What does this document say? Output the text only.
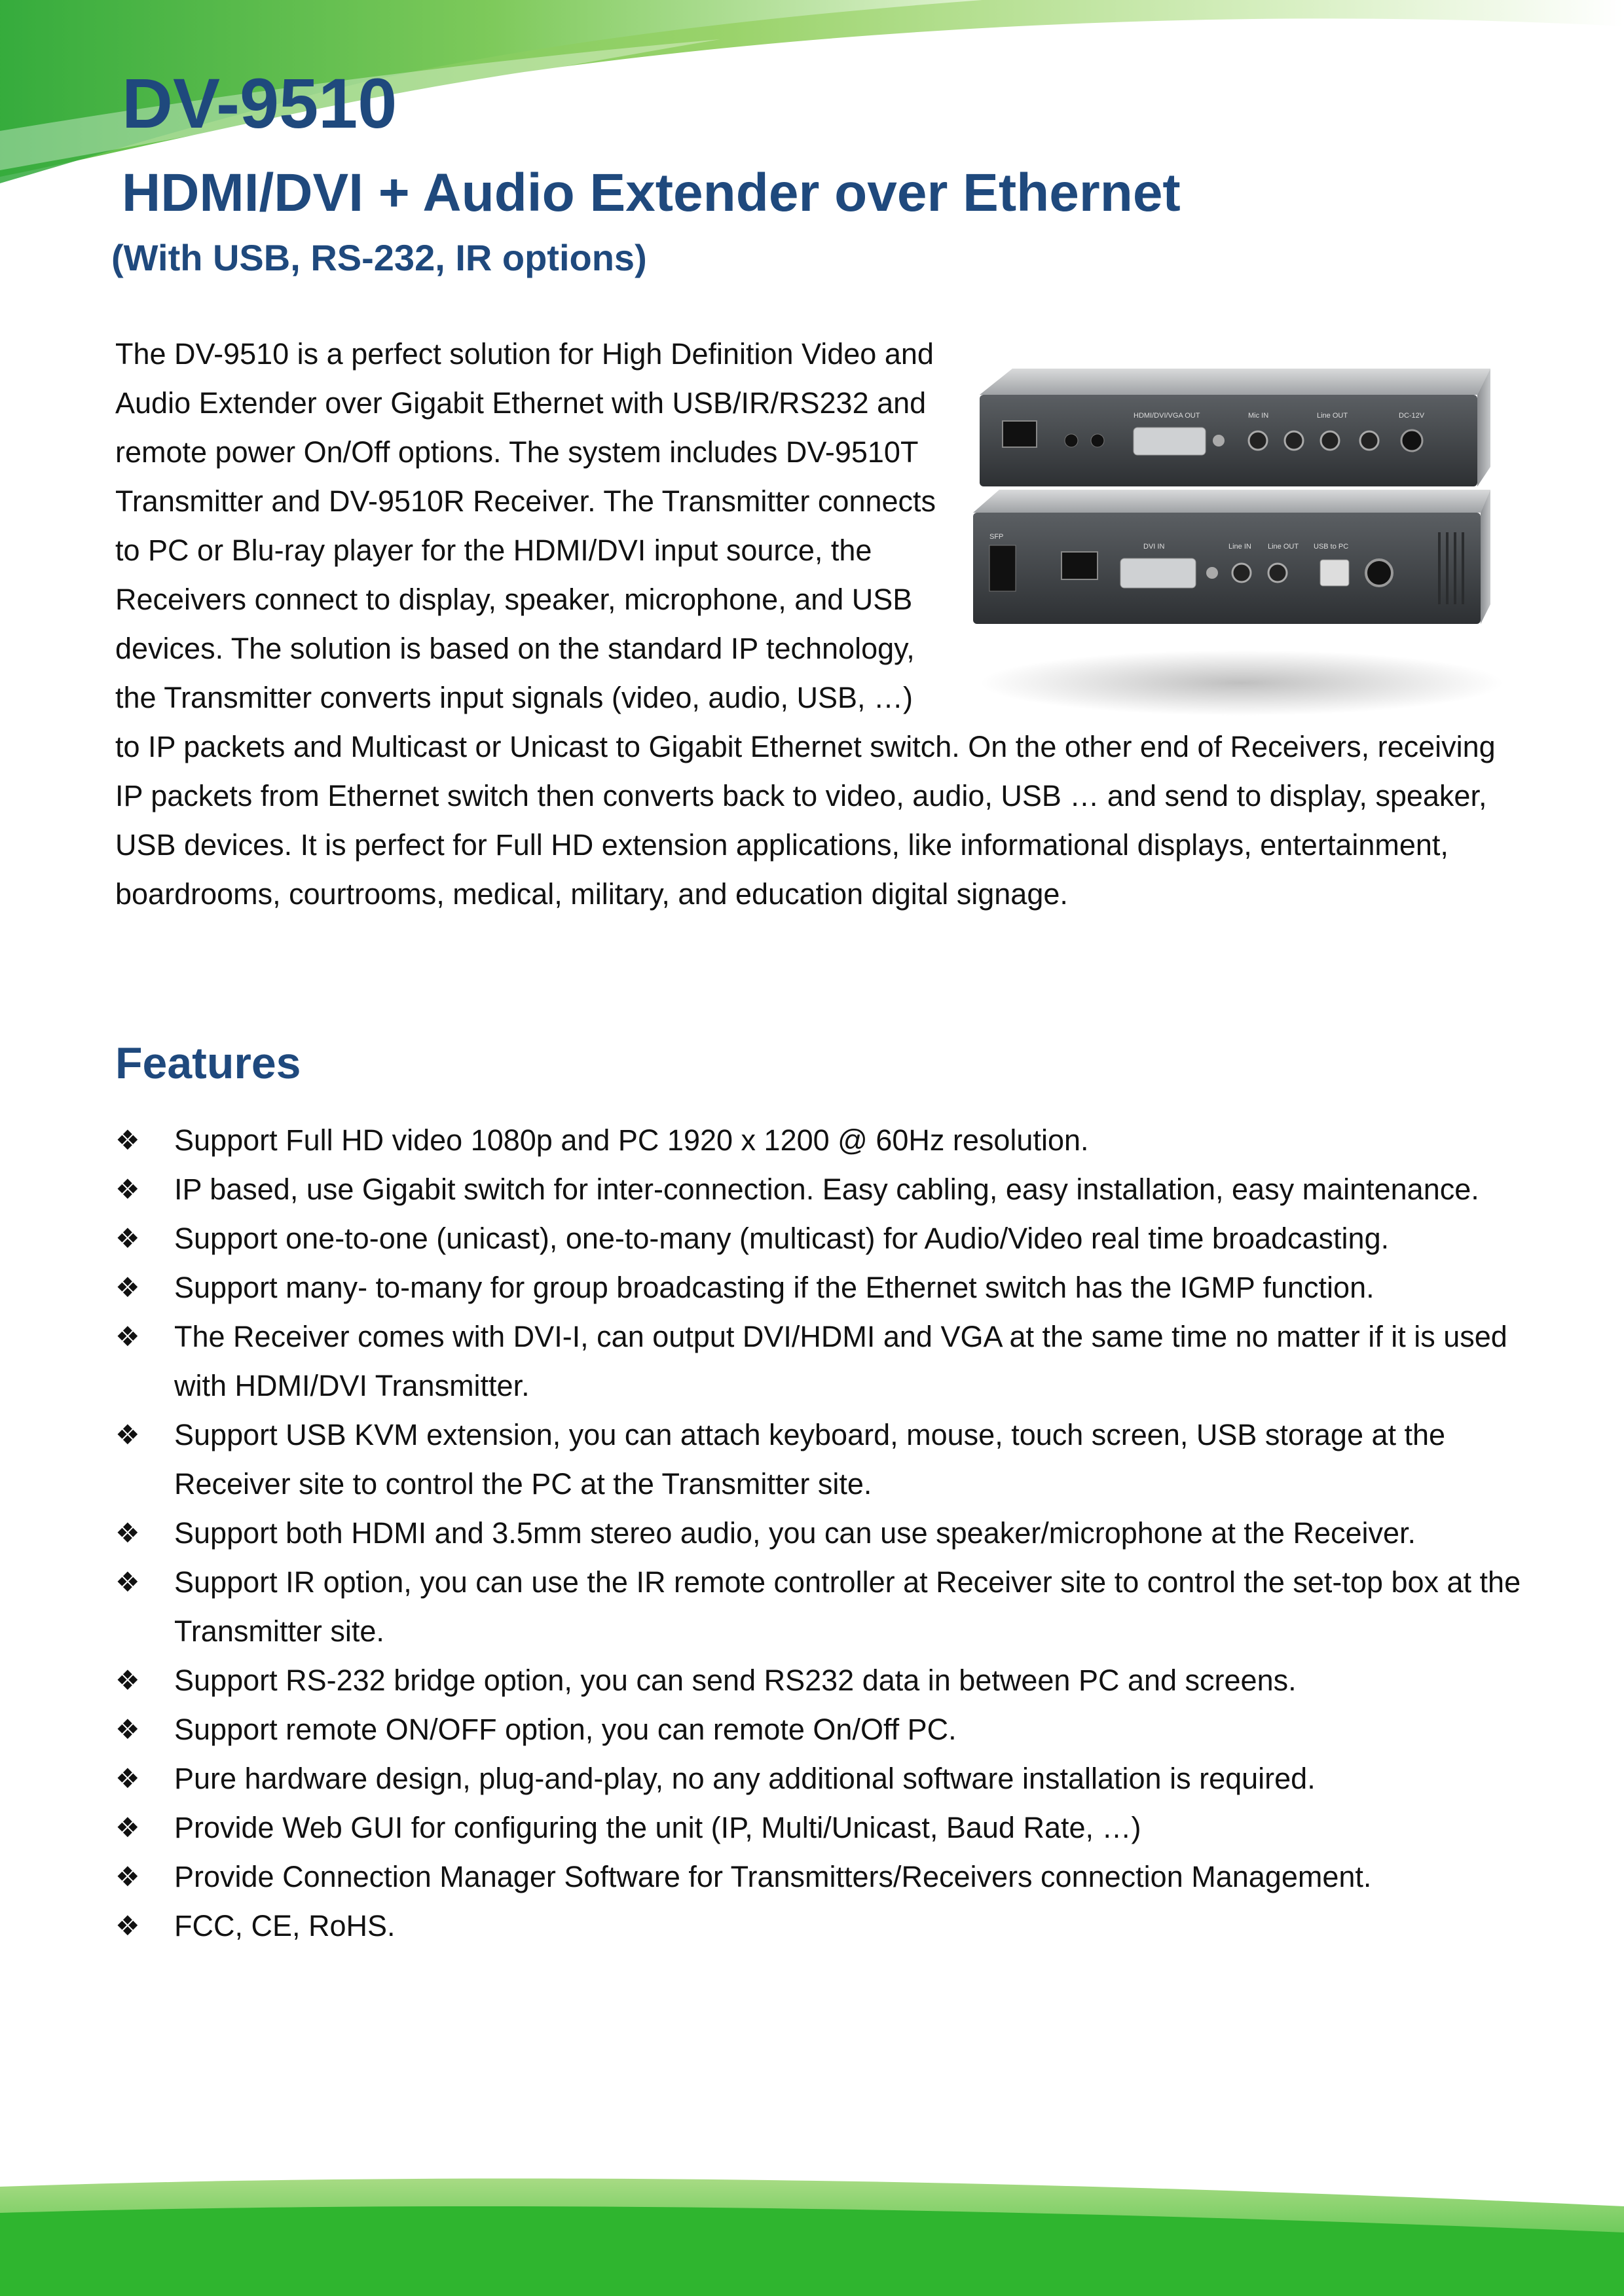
DV-9510
HDMI/DVI + Audio Extender over Ethernet
(With USB, RS-232, IR options)
HDMI/DVI/VGA OUT	Mic IN	Line OUT	DC-12V
SFP
DVI IN	Line IN Line OUT USB to PC
The DV-9510 is a perfect solution for High Definition Video and Audio Extender over Gigabit Ethernet with USB/IR/RS232 and remote power On/Off options. The system includes DV-9510T Transmitter and DV-9510R Receiver. The Transmitter connects to PC or Blu-ray player for the HDMI/DVI input source, the Receivers connect to display, speaker, microphone, and USB devices. The solution is based on the standard IP technology, the Transmitter converts input signals (video, audio, USB, …) to IP packets and Multicast or Unicast to Gigabit Ethernet switch. On the other end of Receivers, receiving IP packets from Ethernet switch then converts back to video, audio, USB … and send to display, speaker, USB devices. It is perfect for Full HD extension applications, like informational displays, entertainment, boardrooms, courtrooms, medical, military, and education digital signage.
Features
❖ Support Full HD video 1080p and PC 1920 x 1200 @ 60Hz resolution.
❖ IP based, use Gigabit switch for inter-connection. Easy cabling, easy installation, easy maintenance.
❖ Support one-to-one (unicast), one-to-many (multicast) for Audio/Video real time broadcasting.
❖ Support many- to-many for group broadcasting if the Ethernet switch has the IGMP function.
❖ The Receiver comes with DVI-I, can output DVI/HDMI and VGA at the same time no matter if it is used with HDMI/DVI Transmitter.
❖ Support USB KVM extension, you can attach keyboard, mouse, touch screen, USB storage at the Receiver site to control the PC at the Transmitter site.
❖ Support both HDMI and 3.5mm stereo audio, you can use speaker/microphone at the Receiver.
❖ Support IR option, you can use the IR remote controller at Receiver site to control the set-top box at the Transmitter site.
❖ Support RS-232 bridge option, you can send RS232 data in between PC and screens.
❖ Support remote ON/OFF option, you can remote On/Off PC.
❖ Pure hardware design, plug-and-play, no any additional software installation is required.
❖ Provide Web GUI for configuring the unit (IP, Multi/Unicast, Baud Rate, …)
❖ Provide Connection Manager Software for Transmitters/Receivers connection Management.
❖ FCC, CE, RoHS.
